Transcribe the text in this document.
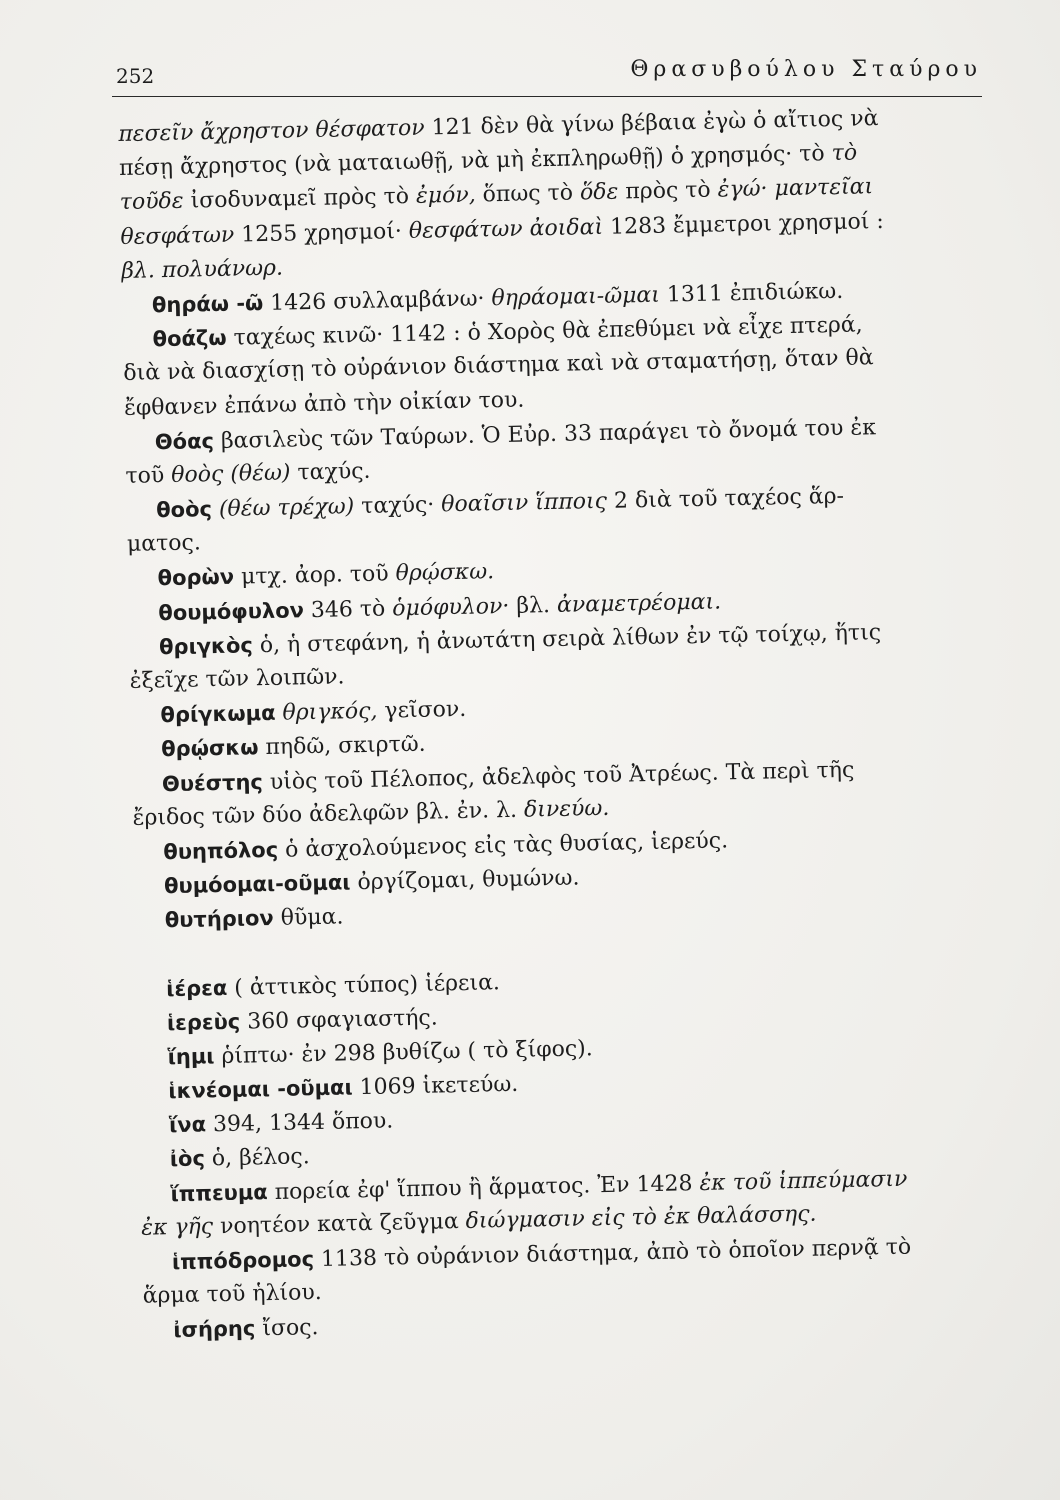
252	Θρασυβούλου Σταύρου
πεσεῖν ἄχρηστον θέσφατον 121 δὲν θὰ γίνω βέβαια ἐγὼ ὁ αἴτιος νὰ
πέσῃ ἄχρηστος (νὰ ματαιωθῇ, νὰ μὴ ἐκπληρωθῇ) ὁ χρησμός· τὸ τὸ
τοῦδε ἰσοδυναμεῖ πρὸς τὸ ἐμόν, ὅπως τὸ ὅδε πρὸς τὸ ἐγώ· μαντεῖαι
θεσφάτων 1255 χρησμοί· θεσφάτων ἀοιδαὶ 1283 ἔμμετροι χρησμοί :
βλ. πολυάνωρ.
θηράω -ῶ 1426 συλλαμβάνω· θηράομαι-ῶμαι 1311 ἐπιδιώκω.
θοάζω ταχέως κινῶ· 1142 : ὁ Χορὸς θὰ ἐπεθύμει νὰ εἶχε πτερά,
διὰ νὰ διασχίσῃ τὸ οὐράνιον διάστημα καὶ νὰ σταματήσῃ, ὅταν θὰ
ἔφθανεν ἐπάνω ἀπὸ τὴν οἰκίαν του.
Θόας βασιλεὺς τῶν Ταύρων. Ὁ Εὐρ. 33 παράγει τὸ ὄνομά του ἐκ
τοῦ θοὸς (θέω) ταχύς.
θοὸς (θέω τρέχω) ταχύς· θοαῖσιν ἵπποις 2 διὰ τοῦ ταχέος ἅρ-
ματος.
θορὼν μτχ. ἀορ. τοῦ θρῴσκω.
θουμόφυλον 346 τὸ ὁμόφυλον· βλ. ἀναμετρέομαι.
θριγκὸς ὁ, ἡ στεφάνη, ἡ ἀνωτάτη σειρὰ λίθων ἐν τῷ τοίχῳ, ἥτις
ἐξεῖχε τῶν λοιπῶν.
θρίγκωμα θριγκός, γεῖσον.
θρῴσκω πηδῶ, σκιρτῶ.
Θυέστης υἱὸς τοῦ Πέλοπος, ἀδελφὸς τοῦ Ἀτρέως. Τὰ περὶ τῆς
ἔριδος τῶν δύο ἀδελφῶν βλ. ἐν. λ. δινεύω.
θυηπόλος ὁ ἀσχολούμενος εἰς τὰς θυσίας, ἱερεύς.
θυμόομαι-οῦμαι ὀργίζομαι, θυμώνω.
θυτήριον θῦμα.
ἱέρεα ( ἀττικὸς τύπος) ἱέρεια.
ἱερεὺς 360 σφαγιαστής.
ἵημι ῥίπτω· ἐν 298 βυθίζω ( τὸ ξίφος).
ἱκνέομαι -οῦμαι 1069 ἱκετεύω.
ἵνα 394, 1344 ὅπου.
ἰὸς ὁ, βέλος.
ἵππευμα πορεία ἐφ' ἵππου ἢ ἅρματος. Ἐν 1428 ἐκ τοῦ ἱππεύμασιν
ἐκ γῆς νοητέον κατὰ ζεῦγμα διώγμασιν εἰς τὸ ἐκ θαλάσσης.
ἱππόδρομος 1138 τὸ οὐράνιον διάστημα, ἀπὸ τὸ ὁποῖον περνᾷ τὸ
ἅρμα τοῦ ἡλίου.
ἰσήρης ἴσος.
